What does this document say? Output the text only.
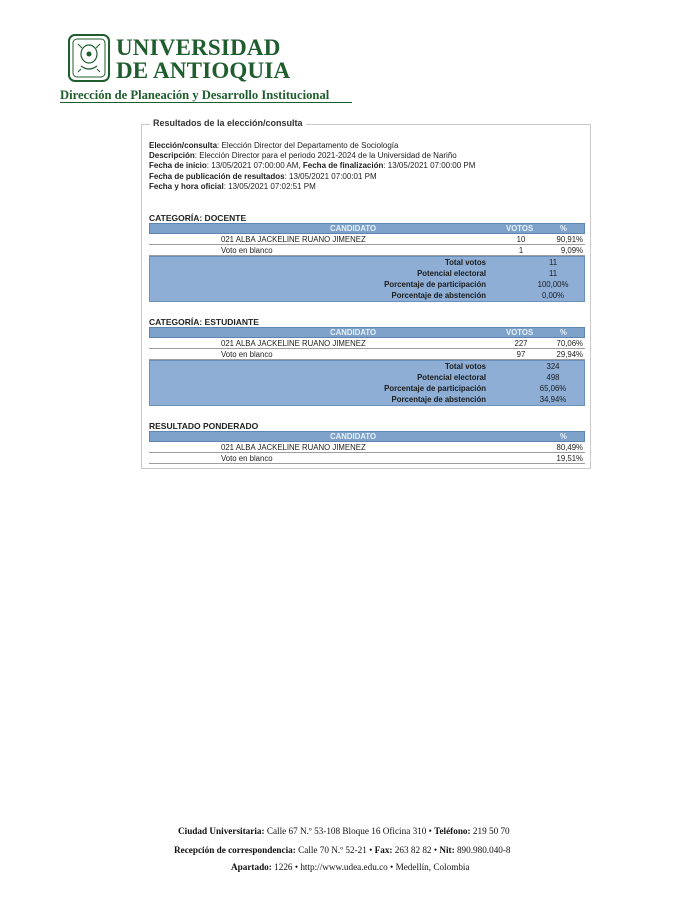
UNIVERSIDAD
DE ANTIOQUIA
Dirección de Planeación y Desarrollo Institucional
Resultados de la elección/consulta
Elección/consulta: Elección Director del Departamento de Sociología
Descripción: Elección Director para el periodo 2021-2024 de la Universidad de Nariño
Fecha de inicio: 13/05/2021 07:00:00 AM, Fecha de finalización: 13/05/2021 07:00:00 PM
Fecha de publicación de resultados: 13/05/2021 07:00:01 PM
Fecha y hora oficial: 13/05/2021 07:02:51 PM
CATEGORÍA: DOCENTE
CANDIDATO	VOTOS	%
021 ALBA JACKELINE RUANO JIMENEZ	10	90,91%
Voto en blanco	1	9,09%
Total votos	11
Potencial electoral	11
Porcentaje de participación	100,00%
Porcentaje de abstención	0,00%
CATEGORÍA: ESTUDIANTE
CANDIDATO	VOTOS	%
021 ALBA JACKELINE RUANO JIMENEZ	227	70,06%
Voto en blanco	97	29,94%
Total votos	324
Potencial electoral	498
Porcentaje de participación	65,06%
Porcentaje de abstención	34,94%
RESULTADO PONDERADO
CANDIDATO	%
021 ALBA JACKELINE RUANO JIMENEZ	80,49%
Voto en blanco	19,51%
Ciudad Universitaria: Calle 67 N.º 53-108 Bloque 16 Oficina 310 • Teléfono: 219 50 70
Recepción de correspondencia: Calle 70 N.º 52-21 • Fax: 263 82 82 • Nit: 890.980.040-8
Apartado: 1226 • http://www.udea.edu.co • Medellín, Colombia
